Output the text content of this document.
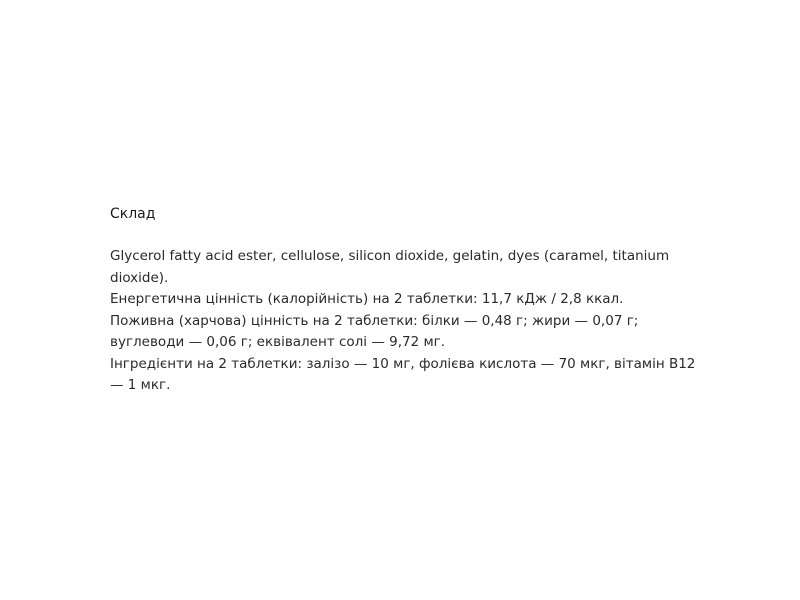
Склад

Glycerol fatty acid ester, cellulose, silicon dioxide, gelatin, dyes (caramel, titanium dioxide).

Енергетична цінність (калорійність) на 2 таблетки: 11,7 кДж / 2,8 ккал.

Поживна (харчова) цінність на 2 таблетки: білки — 0,48 г; жири — 0,07 г; вуглеводи — 0,06 г; еквівалент солі — 9,72 мг.

Інгредієнти на 2 таблетки: залізо — 10 мг, фолієва кислота — 70 мкг, вітамін В12 — 1 мкг.
